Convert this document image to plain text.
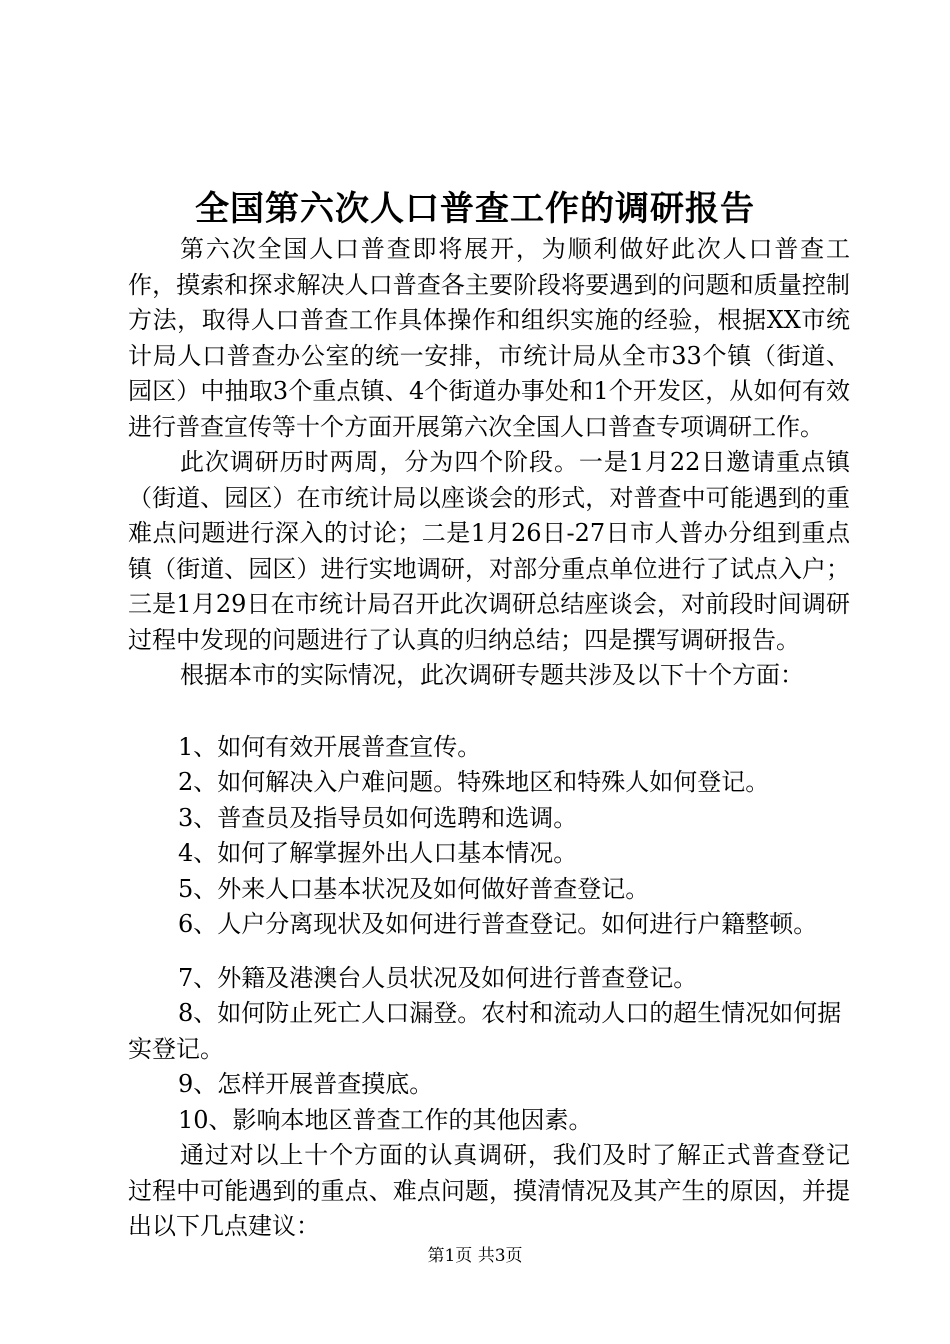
全国第六次人口普查工作的调研报告

第六次全国人口普查即将展开，为顺利做好此次人口普查工作，摸索和探求解决人口普查各主要阶段将要遇到的问题和质量控制方法，取得人口普查工作具体操作和组织实施的经验，根据XX市统计局人口普查办公室的统一安排，市统计局从全市33个镇（街道、园区）中抽取3个重点镇、4个街道办事处和1个开发区，从如何有效进行普查宣传等十个方面开展第六次全国人口普查专项调研工作。

此次调研历时两周，分为四个阶段。一是1月22日邀请重点镇（街道、园区）在市统计局以座谈会的形式，对普查中可能遇到的重难点问题进行深入的讨论；二是1月26日-27日市人普办分组到重点镇（街道、园区）进行实地调研，对部分重点单位进行了试点入户；三是1月29日在市统计局召开此次调研总结座谈会，对前段时间调研过程中发现的问题进行了认真的归纳总结；四是撰写调研报告。

根据本市的实际情况，此次调研专题共涉及以下十个方面：

1、如何有效开展普查宣传。

2、如何解决入户难问题。特殊地区和特殊人如何登记。

3、普查员及指导员如何选聘和选调。

4、如何了解掌握外出人口基本情况。

5、外来人口基本状况及如何做好普查登记。

6、人户分离现状及如何进行普查登记。如何进行户籍整顿。

7、外籍及港澳台人员状况及如何进行普查登记。

8、如何防止死亡人口漏登。农村和流动人口的超生情况如何据实登记。

9、怎样开展普查摸底。

10、影响本地区普查工作的其他因素。

通过对以上十个方面的认真调研，我们及时了解正式普查登记过程中可能遇到的重点、难点问题，摸清情况及其产生的原因，并提出以下几点建议：

第1页 共3页
